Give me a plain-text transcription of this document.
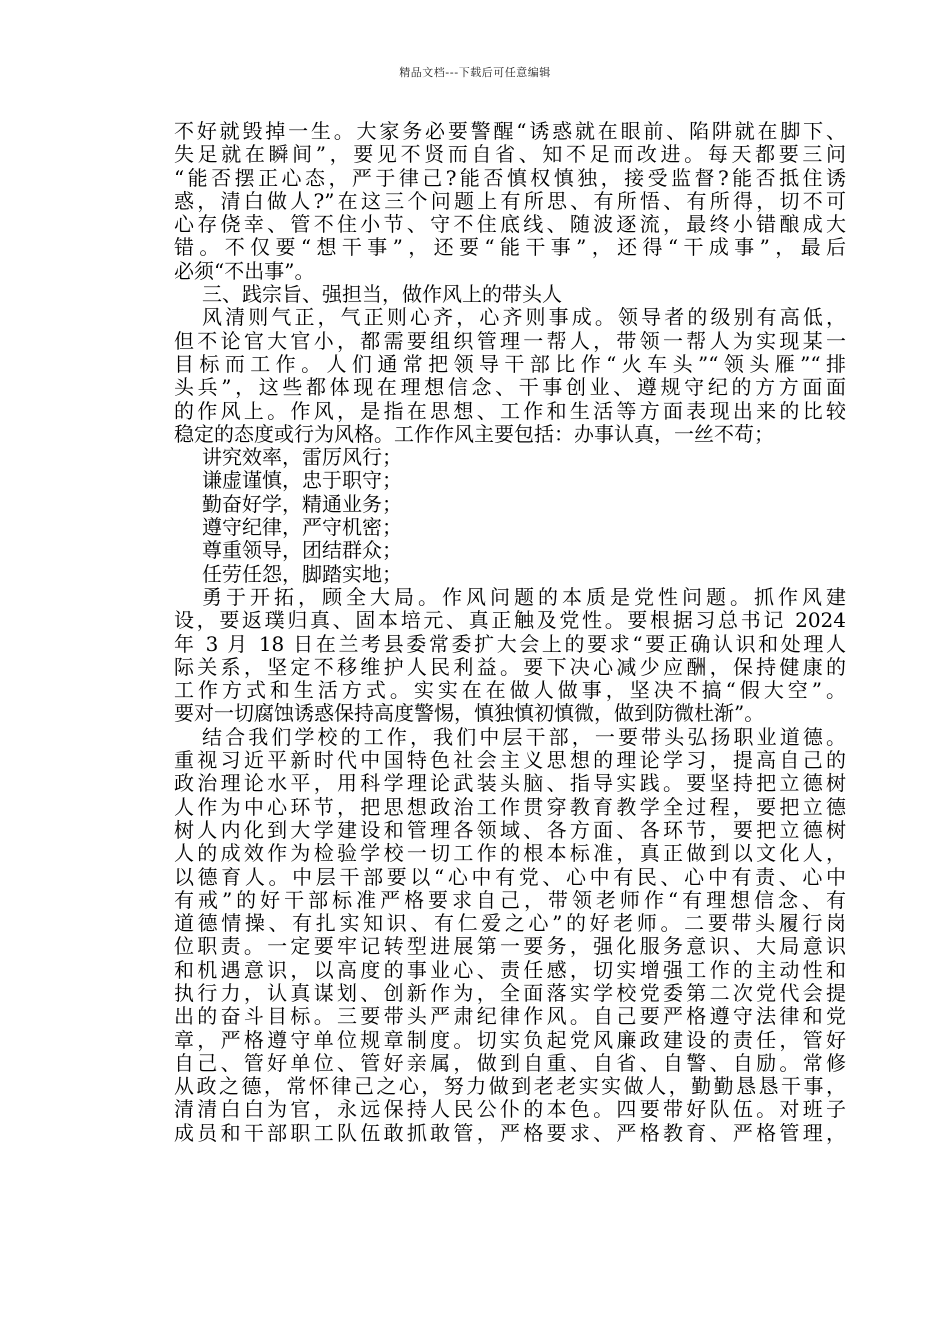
精品文档---下载后可任意编辑
不好就毁掉一生。大家务必要警醒“诱惑就在眼前、陷阱就在脚下、
失足就在瞬间”，要见不贤而自省、知不足而改进。每天都要三问
“能否摆正心态，严于律己?能否慎权慎独，接受监督?能否抵住诱
惑，清白做人?”在这三个问题上有所思、有所悟、有所得，切不可
心存侥幸、管不住小节、守不住底线、随波逐流，最终小错酿成大
错。不仅要“想干事”，还要“能干事”，还得“干成事”，最后
必须“不出事”。
三、践宗旨、强担当，做作风上的带头人
风清则气正，气正则心齐，心齐则事成。领导者的级别有高低，
但不论官大官小，都需要组织管理一帮人，带领一帮人为实现某一
目标而工作。人们通常把领导干部比作“火车头”“领头雁”“排
头兵”，这些都体现在理想信念、干事创业、遵规守纪的方方面面
的作风上。作风，是指在思想、工作和生活等方面表现出来的比较
稳定的态度或行为风格。工作作风主要包括：办事认真，一丝不苟；
讲究效率，雷厉风行；
谦虚谨慎，忠于职守；
勤奋好学，精通业务；
遵守纪律，严守机密；
尊重领导，团结群众；
任劳任怨，脚踏实地；
勇于开拓，顾全大局。作风问题的本质是党性问题。抓作风建
设，要返璞归真、固本培元、真正触及党性。要根据习总书记 2024
年 3 月 18 日在兰考县委常委扩大会上的要求“要正确认识和处理人
际关系，坚定不移维护人民利益。要下决心减少应酬，保持健康的
工作方式和生活方式。实实在在做人做事，坚决不搞“假大空”。
要对一切腐蚀诱惑保持高度警惕，慎独慎初慎微，做到防微杜渐”。
结合我们学校的工作，我们中层干部，一要带头弘扬职业道德。
重视习近平新时代中国特色社会主义思想的理论学习，提高自己的
政治理论水平，用科学理论武装头脑、指导实践。要坚持把立德树
人作为中心环节，把思想政治工作贯穿教育教学全过程，要把立德
树人内化到大学建设和管理各领域、各方面、各环节，要把立德树
人的成效作为检验学校一切工作的根本标准，真正做到以文化人，
以德育人。中层干部要以“心中有党、心中有民、心中有责、心中
有戒”的好干部标准严格要求自己，带领老师作“有理想信念、有
道德情操、有扎实知识、有仁爱之心”的好老师。二要带头履行岗
位职责。一定要牢记转型进展第一要务，强化服务意识、大局意识
和机遇意识，以高度的事业心、责任感，切实增强工作的主动性和
执行力，认真谋划、创新作为，全面落实学校党委第二次党代会提
出的奋斗目标。三要带头严肃纪律作风。自己要严格遵守法律和党
章，严格遵守单位规章制度。切实负起党风廉政建设的责任，管好
自己、管好单位、管好亲属，做到自重、自省、自警、自励。常修
从政之德，常怀律己之心，努力做到老老实实做人，勤勤恳恳干事，
清清白白为官，永远保持人民公仆的本色。四要带好队伍。对班子
成员和干部职工队伍敢抓敢管，严格要求、严格教育、严格管理，
